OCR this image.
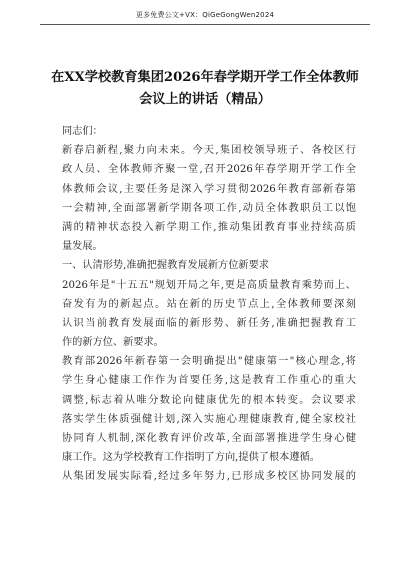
更多免费公文+VX：QiGeGongWen2024
在XX学校教育集团2026年春学期开学工作全体教师
会议上的讲话（精品）
同志们：
新春启新程,聚力向未来。今天,集团校领导班子、各校区行
政人员、全体教师齐聚一堂,召开2026年春学期开学工作全
体教师会议,主要任务是深入学习贯彻2026年教育部新春第
一会精神,全面部署新学期各项工作,动员全体教职员工以饱
满的精神状态投入新学期工作,推动集团教育事业持续高质
量发展。
一、认清形势,准确把握教育发展新方位新要求
2026年是"十五五"规划开局之年,更是高质量教育乘势而上、
奋发有为的新起点。站在新的历史节点上,全体教师要深刻
认识当前教育发展面临的新形势、新任务,准确把握教育工
作的新方位、新要求。
教育部2026年新春第一会明确提出"健康第一"核心理念,将
学生身心健康工作作为首要任务,这是教育工作重心的重大
调整,标志着从唯分数论向健康优先的根本转变。会议要求
落实学生体质强健计划,深入实施心理健康教育,健全家校社
协同育人机制,深化教育评价改革,全面部署推进学生身心健
康工作。这为学校教育工作指明了方向,提供了根本遵循。
从集团发展实际看,经过多年努力,已形成多校区协同发展的
